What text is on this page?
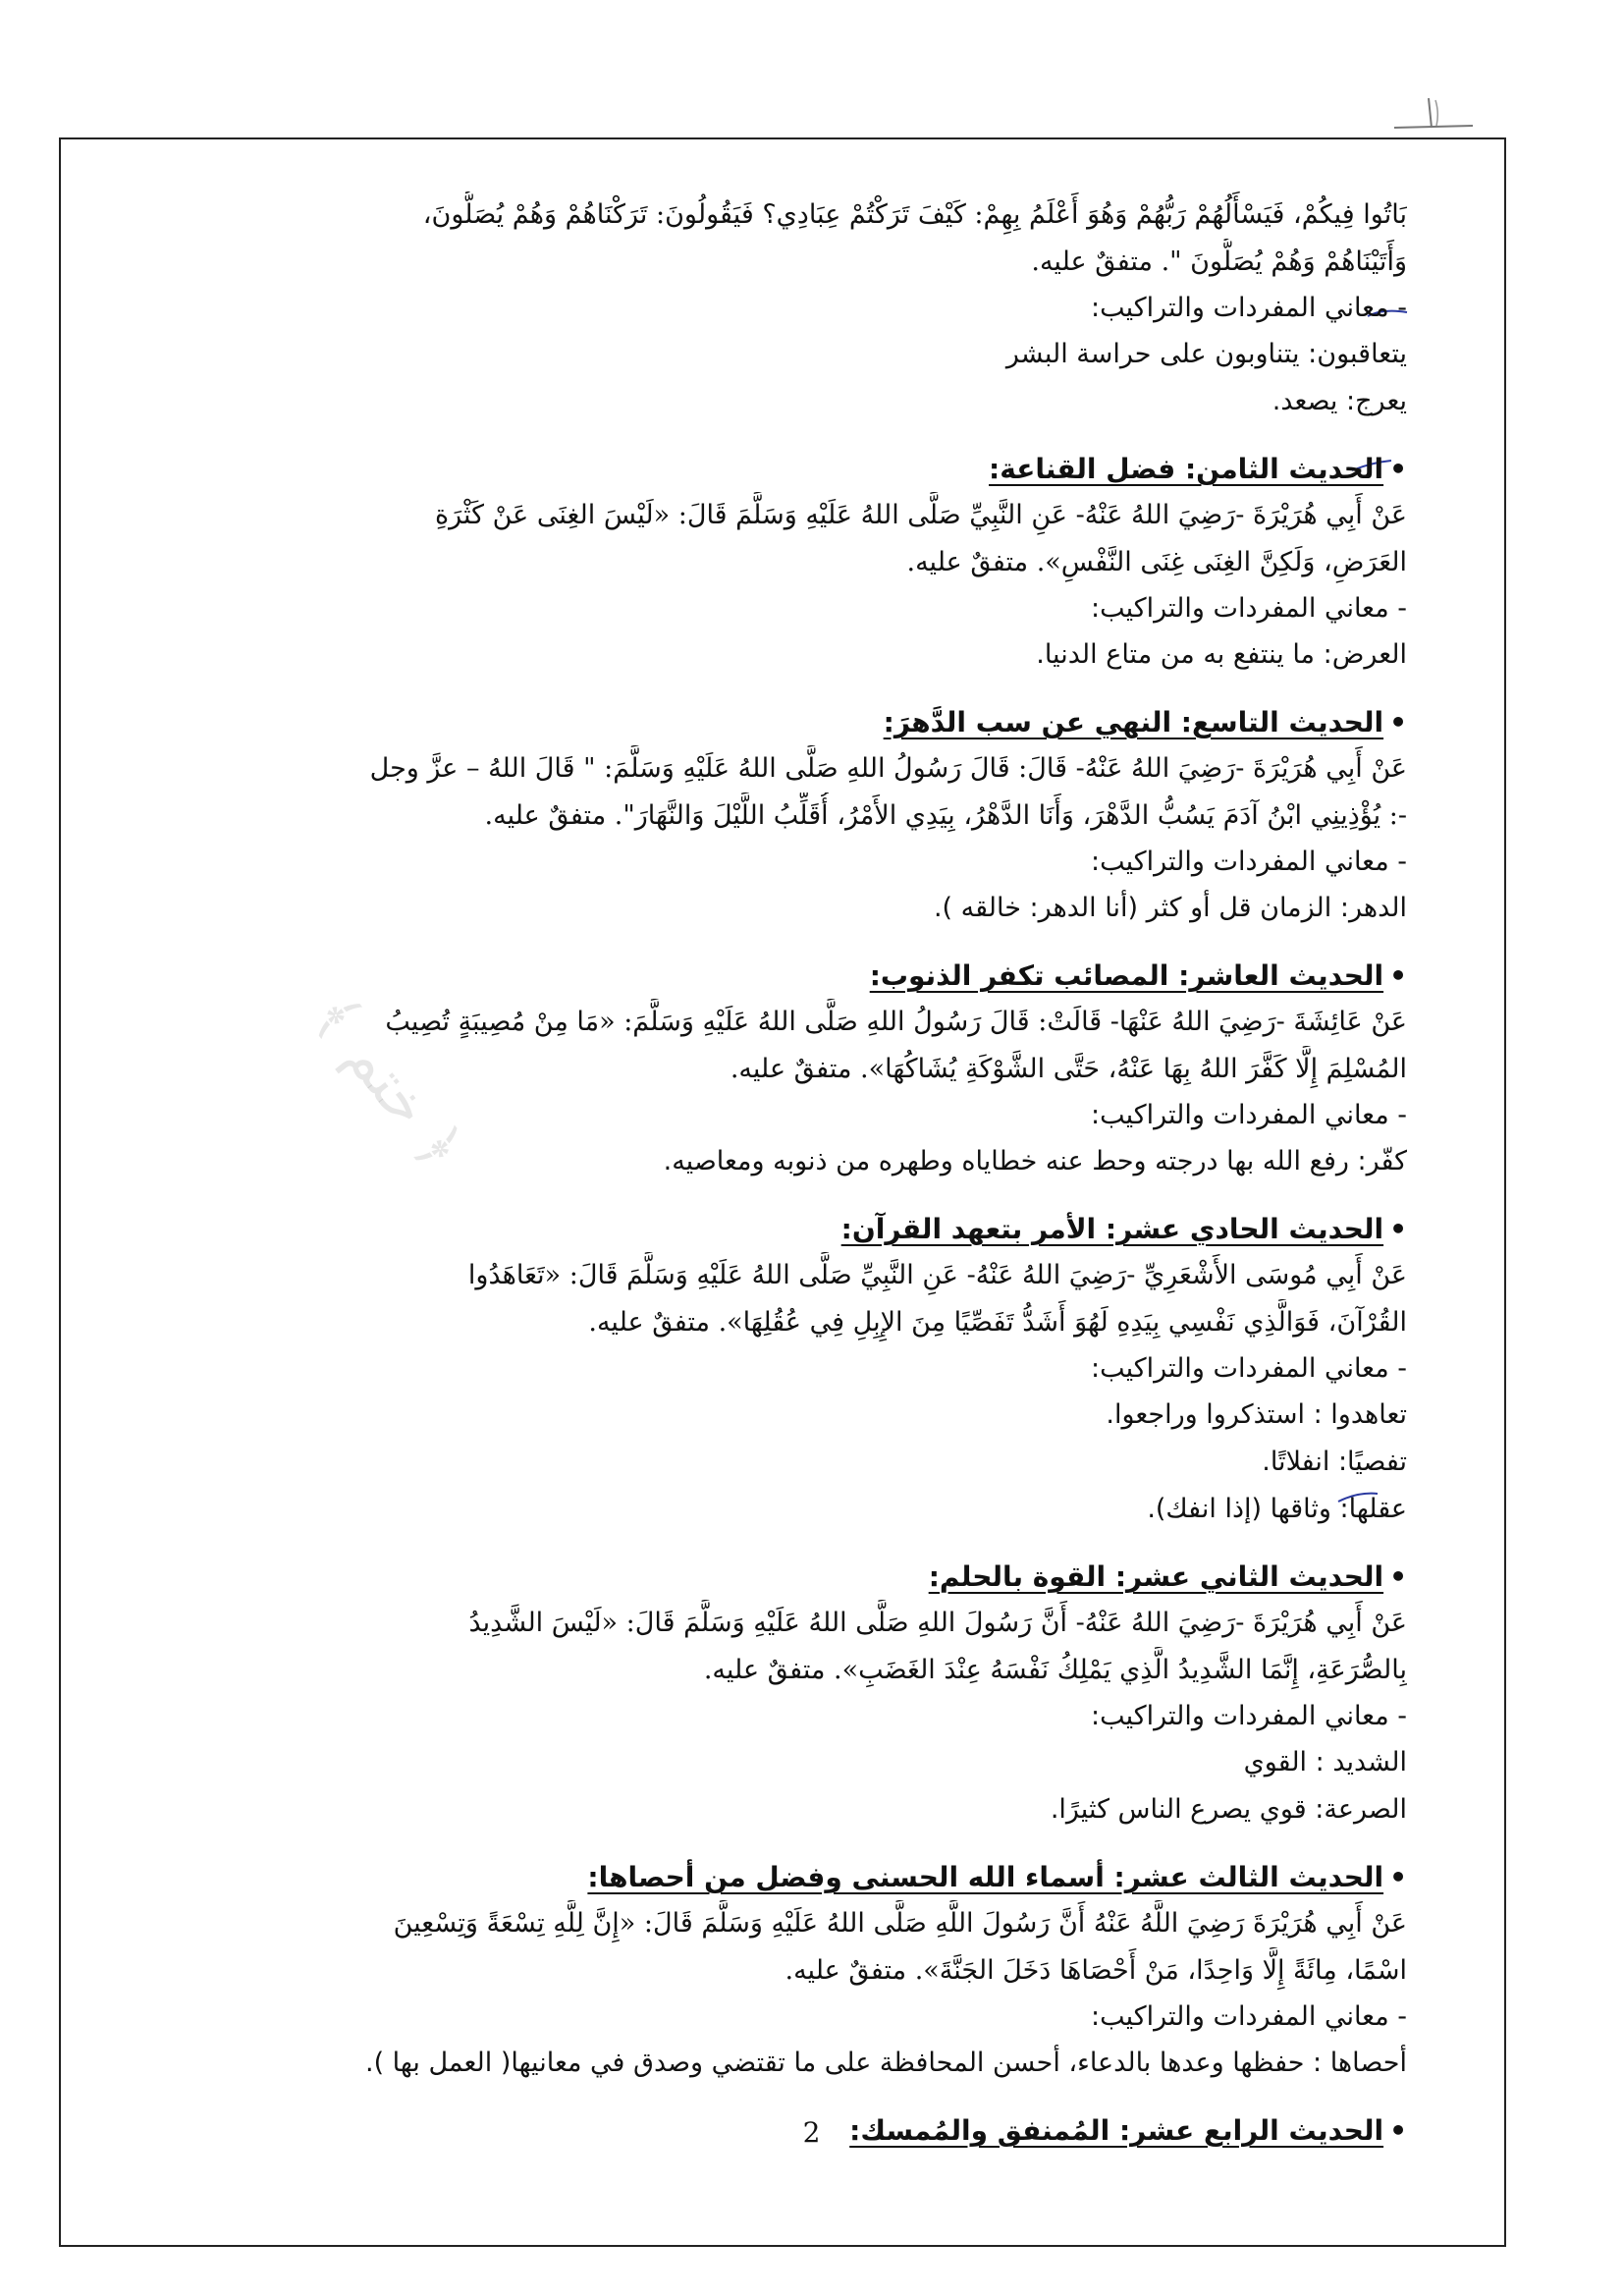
﴿ ختم ﴾
بَاتُوا فِيكُمْ، فَيَسْأَلُهُمْ رَبُّهُمْ وَهُوَ أَعْلَمُ بِهِمْ: كَيْفَ تَرَكْتُمْ عِبَادِي؟ فَيَقُولُونَ: تَرَكْنَاهُمْ وَهُمْ يُصَلُّونَ،
وَأَتَيْنَاهُمْ وَهُمْ يُصَلُّونَ ". متفقٌ عليه.
- معاني المفردات والتراكيب:
يتعاقبون: يتناوبون على حراسة البشر
يعرج: يصعد.
•الحديث الثامن: فضل القناعة:
عَنْ أَبِي هُرَيْرَةَ -رَضِيَ اللهُ عَنْهُ- عَنِ النَّبِيِّ صَلَّى اللهُ عَلَيْهِ وَسَلَّمَ قَالَ: «لَيْسَ الغِنَى عَنْ كَثْرَةِ
العَرَضِ، وَلَكِنَّ الغِنَى غِنَى النَّفْسِ». متفقٌ عليه.
- معاني المفردات والتراكيب:
العرض: ما ينتفع به من متاع الدنيا.
•الحديث التاسع: النهي عن سب الدَّهرَ:
عَنْ أَبِي هُرَيْرَةَ -رَضِيَ اللهُ عَنْهُ- قَالَ: قَالَ رَسُولُ اللهِ صَلَّى اللهُ عَلَيْهِ وَسَلَّمَ: " قَالَ اللهُ – عزَّ وجل
-: يُؤْذِينِي ابْنُ آدَمَ يَسُبُّ الدَّهْرَ، وَأَنَا الدَّهْرُ، بِيَدِي الأَمْرُ، أُقَلِّبُ اللَّيْلَ وَالنَّهَارَ". متفقٌ عليه.
- معاني المفردات والتراكيب:
الدهر: الزمان قل أو كثر (أنا الدهر: خالقه ).
•الحديث العاشر: المصائب تكفر الذنوب:
عَنْ عَائِشَةَ -رَضِيَ اللهُ عَنْهَا- قَالَتْ: قَالَ رَسُولُ اللهِ صَلَّى اللهُ عَلَيْهِ وَسَلَّمَ: «مَا مِنْ مُصِيبَةٍ تُصِيبُ
المُسْلِمَ إِلَّا كَفَّرَ اللهُ بِهَا عَنْهُ، حَتَّى الشَّوْكَةِ يُشَاكُهَا». متفقٌ عليه.
- معاني المفردات والتراكيب:
كفّر: رفع الله بها درجته وحط عنه خطاياه وطهره من ذنوبه ومعاصيه.
•الحديث الحادي عشر: الأمر بتعهد القرآن:
عَنْ أَبِي مُوسَى الأَشْعَرِيِّ -رَضِيَ اللهُ عَنْهُ- عَنِ النَّبِيِّ صَلَّى اللهُ عَلَيْهِ وَسَلَّمَ قَالَ: «تَعَاهَدُوا
القُرْآنَ، فَوَالَّذِي نَفْسِي بِيَدِهِ لَهُوَ أَشَدُّ تَفَصِّيًا مِنَ الإِبِلِ فِي عُقُلِهَا». متفقٌ عليه.
- معاني المفردات والتراكيب:
تعاهدوا : استذكروا وراجعوا.
تفصيًا: انفلاتًا.
عقلها: وثاقها (إذا انفك).
•الحديث الثاني عشر: القوة بالحلم:
عَنْ أَبِي هُرَيْرَةَ -رَضِيَ اللهُ عَنْهُ- أَنَّ رَسُولَ اللهِ صَلَّى اللهُ عَلَيْهِ وَسَلَّمَ قَالَ: «لَيْسَ الشَّدِيدُ
بِالصُّرَعَةِ، إِنَّمَا الشَّدِيدُ الَّذِي يَمْلِكُ نَفْسَهُ عِنْدَ الغَضَبِ». متفقٌ عليه.
- معاني المفردات والتراكيب:
الشديد : القوي
الصرعة: قوي يصرع الناس كثيرًا.
•الحديث الثالث عشر: أسماء الله الحسنى وفضل من أحصاها:
عَنْ أَبِي هُرَيْرَةَ رَضِيَ اللَّهُ عَنْهُ أَنَّ رَسُولَ اللَّهِ صَلَّى اللهُ عَلَيْهِ وَسَلَّمَ قَالَ: «إِنَّ لِلَّهِ تِسْعَةً وَتِسْعِينَ
اسْمًا، مِائَةً إِلَّا وَاحِدًا، مَنْ أَحْصَاهَا دَخَلَ الجَنَّةَ». متفقٌ عليه.
- معاني المفردات والتراكيب:
أحصاها : حفظها وعدها بالدعاء، أحسن المحافظة على ما تقتضي وصدق في معانيها( العمل بها ).
•الحديث الرابع عشر: المُمنفق والمُمسك:
2
